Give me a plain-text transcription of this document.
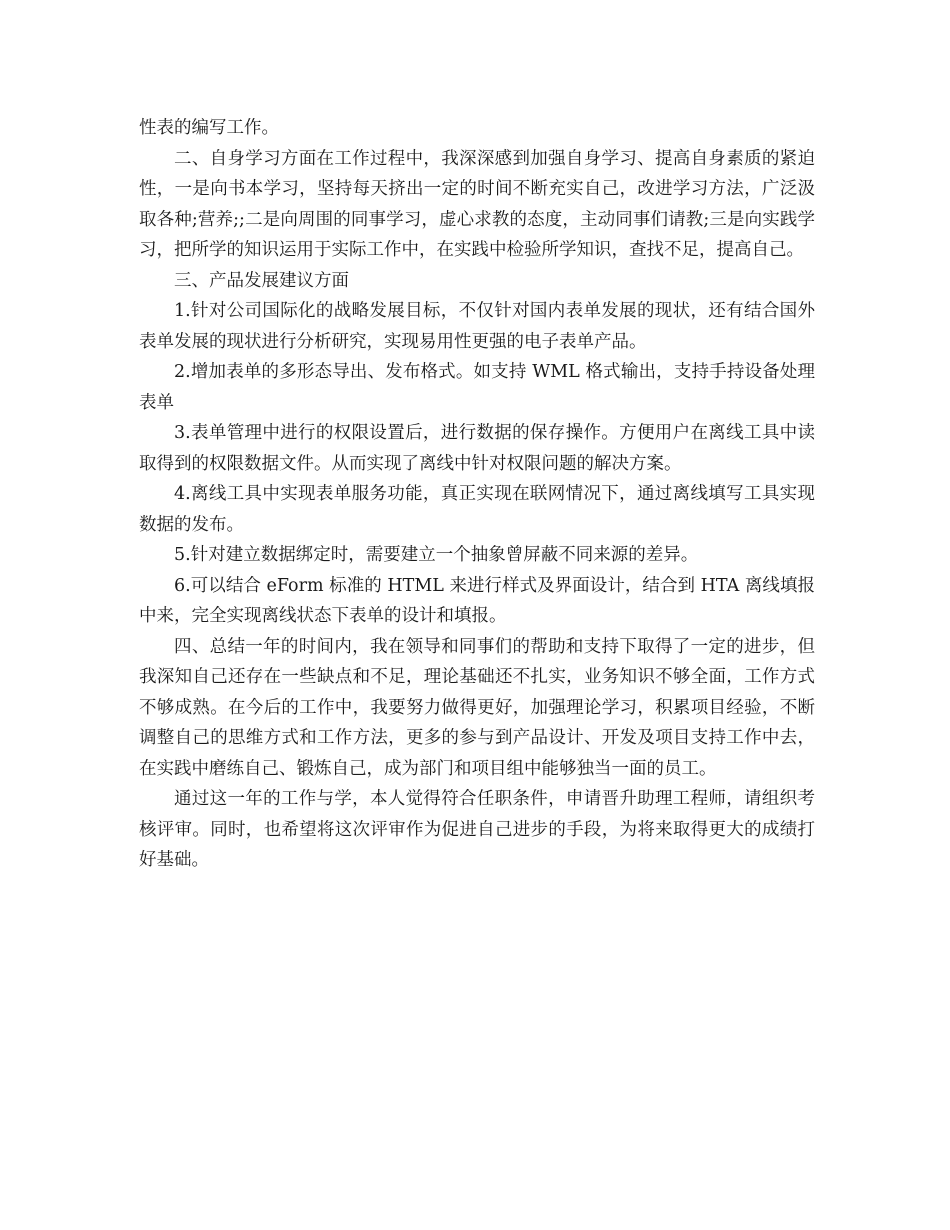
性表的编写工作。

二、自身学习方面在工作过程中，我深深感到加强自身学习、提高自身素质的紧迫性，一是向书本学习，坚持每天挤出一定的时间不断充实自己，改进学习方法，广泛汲取各种;营养;;二是向周围的同事学习，虚心求教的态度，主动同事们请教;三是向实践学习，把所学的知识运用于实际工作中，在实践中检验所学知识，查找不足，提高自己。

三、产品发展建议方面

1.针对公司国际化的战略发展目标，不仅针对国内表单发展的现状，还有结合国外表单发展的现状进行分析研究，实现易用性更强的电子表单产品。

2.增加表单的多形态导出、发布格式。如支持 WML 格式输出，支持手持设备处理表单

3.表单管理中进行的权限设置后，进行数据的保存操作。方便用户在离线工具中读取得到的权限数据文件。从而实现了离线中针对权限问题的解决方案。

4.离线工具中实现表单服务功能，真正实现在联网情况下，通过离线填写工具实现数据的发布。

5.针对建立数据绑定时，需要建立一个抽象曾屏蔽不同来源的差异。

6.可以结合 eForm 标准的 HTML 来进行样式及界面设计，结合到 HTA 离线填报中来，完全实现离线状态下表单的设计和填报。

四、总结一年的时间内，我在领导和同事们的帮助和支持下取得了一定的进步，但我深知自己还存在一些缺点和不足，理论基础还不扎实，业务知识不够全面，工作方式不够成熟。在今后的工作中，我要努力做得更好，加强理论学习，积累项目经验，不断调整自己的思维方式和工作方法，更多的参与到产品设计、开发及项目支持工作中去，在实践中磨练自己、锻炼自己，成为部门和项目组中能够独当一面的员工。

通过这一年的工作与学，本人觉得符合任职条件，申请晋升助理工程师，请组织考核评审。同时，也希望将这次评审作为促进自己进步的手段，为将来取得更大的成绩打好基础。
